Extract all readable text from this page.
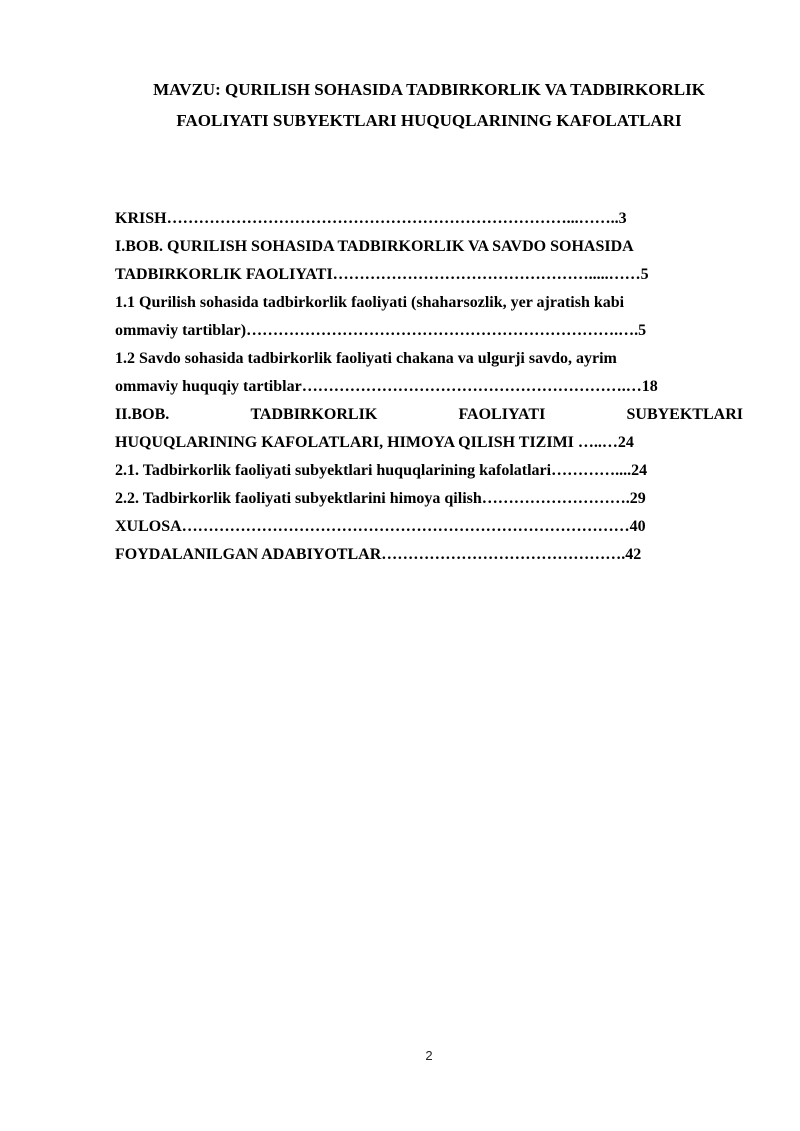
MAVZU: QURILISH SOHASIDA TADBIRKORLIK VA TADBIRKORLIK
FAOLIYATI SUBYEKTLARI HUQUQLARINING KAFOLATLARI
KRISH…………………………………………………………………...……..3
I.BOB. QURILISH SOHASIDA TADBIRKORLIK VA SAVDO SOHASIDA
TADBIRKORLIK FAOLIYATI………………………………………….....……5
1.1 Qurilish sohasida tadbirkorlik faoliyati (shaharsozlik, yer ajratish kabi
ommaviy tartiblar)…………………………………………………………….….5
1.2 Savdo sohasida tadbirkorlik faoliyati chakana va ulgurji savdo, ayrim
ommaviy huquqiy tartiblar…………………………………………………….…18
II.BOB.	TADBIRKORLIK	FAOLIYATI	SUBYEKTLARI
HUQUQLARINING KAFOLATLARI, HIMOYA QILISH TIZIMI …..…24
2.1. Tadbirkorlik faoliyati subyektlari huquqlarining kafolatlari…………....24
2.2. Tadbirkorlik faoliyati subyektlarini himoya qilish……………………….29
XULOSA…………………………………………………………………………40
FOYDALANILGAN ADABIYOTLAR……………………………………….42
2
